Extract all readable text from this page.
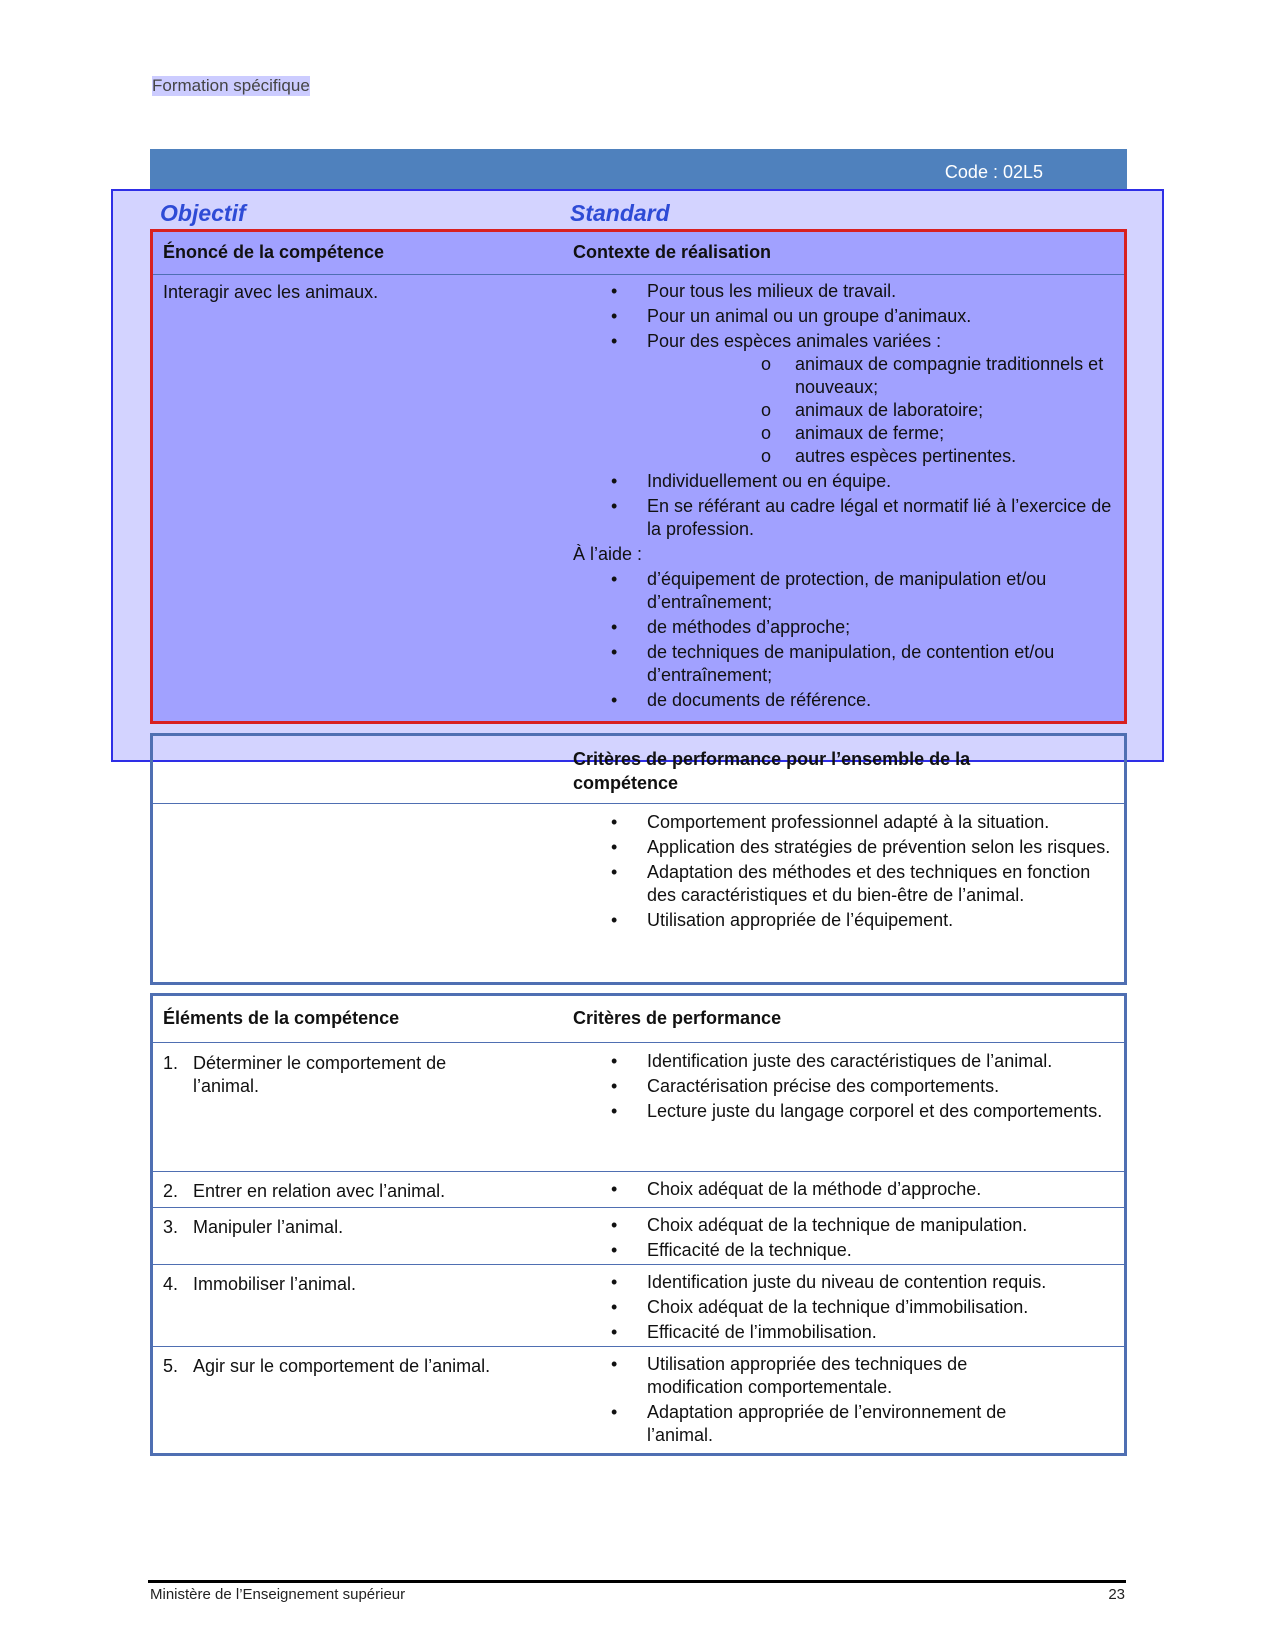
Formation spécifique
Code : 02L5
Objectif	Standard
Énoncé de la compétence	Contexte de réalisation
Interagir avec les animaux.	• Pour tous les milieux de travail.
• Pour un animal ou un groupe d’animaux.
• Pour des espèces animales variées :
o animaux de compagnie traditionnels et nouveaux;
o animaux de laboratoire;
o animaux de ferme;
o autres espèces pertinentes.
• Individuellement ou en équipe.
• En se référant au cadre légal et normatif lié à l’exercice de la profession.
À l’aide :
• d’équipement de protection, de manipulation et/ou d’entraînement;
• de méthodes d’approche;
• de techniques de manipulation, de contention et/ou d’entraînement;
• de documents de référence.
Critères de performance pour l’ensemble de la compétence
• Comportement professionnel adapté à la situation.
• Application des stratégies de prévention selon les risques.
• Adaptation des méthodes et des techniques en fonction des caractéristiques et du bien-être de l’animal.
• Utilisation appropriée de l’équipement.
Éléments de la compétence	Critères de performance
1. Déterminer le comportement de l’animal.
• Identification juste des caractéristiques de l’animal.
• Caractérisation précise des comportements.
• Lecture juste du langage corporel et des comportements.
2. Entrer en relation avec l’animal.	• Choix adéquat de la méthode d’approche.
3. Manipuler l’animal.	• Choix adéquat de la technique de manipulation.
• Efficacité de la technique.
4. Immobiliser l’animal.	• Identification juste du niveau de contention requis.
• Choix adéquat de la technique d’immobilisation.
• Efficacité de l’immobilisation.
5. Agir sur le comportement de l’animal.	• Utilisation appropriée des techniques de modification comportementale.
• Adaptation appropriée de l’environnement de l’animal.
Ministère de l’Enseignement supérieur	23
